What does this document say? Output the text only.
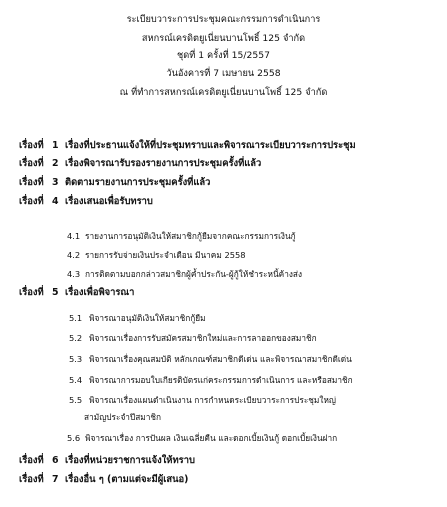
ระเบียบวาระการประชุมคณะกรรมการดำเนินการ
สหกรณ์เครดิตยูเนี่ยนบานโพธิ์ 125 จำกัด
ชุดที่ 1 ครั้งที่ 15/2557
วันอังคารที่ 7 เมษายน 2558
ณ ที่ทำการสหกรณ์เครดิตยูเนี่ยนบานโพธิ์ 125 จำกัด
เรื่องที่ 1 เรื่องที่ประธานแจ้งให้ที่ประชุมทราบและพิจารณาระเบียบวาระการประชุม
เรื่องที่ 2 เรื่องพิจารณารับรองรายงานการประชุมครั้งที่แล้ว
เรื่องที่ 3 ติดตามรายงานการประชุมครั้งที่แล้ว
เรื่องที่ 4 เรื่องเสนอเพื่อรับทราบ
4.1 รายงานการอนุมัติเงินให้สมาชิกกู้ยืมจากคณะกรรมการเงินกู้
4.2 รายการรับจ่ายเงินประจำเดือน มีนาคม 2558
4.3 การติดตามบอกกล่าวสมาชิกผู้ค้ำประกัน-ผู้กู้ให้ชำระหนี้ค้างส่ง
เรื่องที่ 5 เรื่องเพื่อพิจารณา
5.1 พิจารณาอนุมัติเงินให้สมาชิกกู้ยืม
5.2 พิจารณาเรื่องการรับสมัครสมาชิกใหม่และการลาออกของสมาชิก
5.3 พิจารณาเรื่องคุณสมบัติ หลักเกณฑ์สมาชิกดีเด่น และพิจารณาสมาชิกดีเด่น
5.4 พิจารณาการมอบใบเกียรติบัตรแก่คระกรรมการดำเนินการ และหรือสมาชิก
5.5 พิจารณาเรื่องแผนดำเนินงาน การกำหนดระเบียบวาระการประชุมใหญ่
สามัญประจำปีสมาชิก
5.6 พิจารณาเรื่อง การปันผล เงินเฉลี่ยคืน และดอกเบี้ยเงินกู้ ดอกเบี้ยเงินฝาก
เรื่องที่ 6 เรื่องที่หน่วยราชการแจ้งให้ทราบ
เรื่องที่ 7 เรื่องอื่น ๆ (ตามแต่จะมีผู้เสนอ)
